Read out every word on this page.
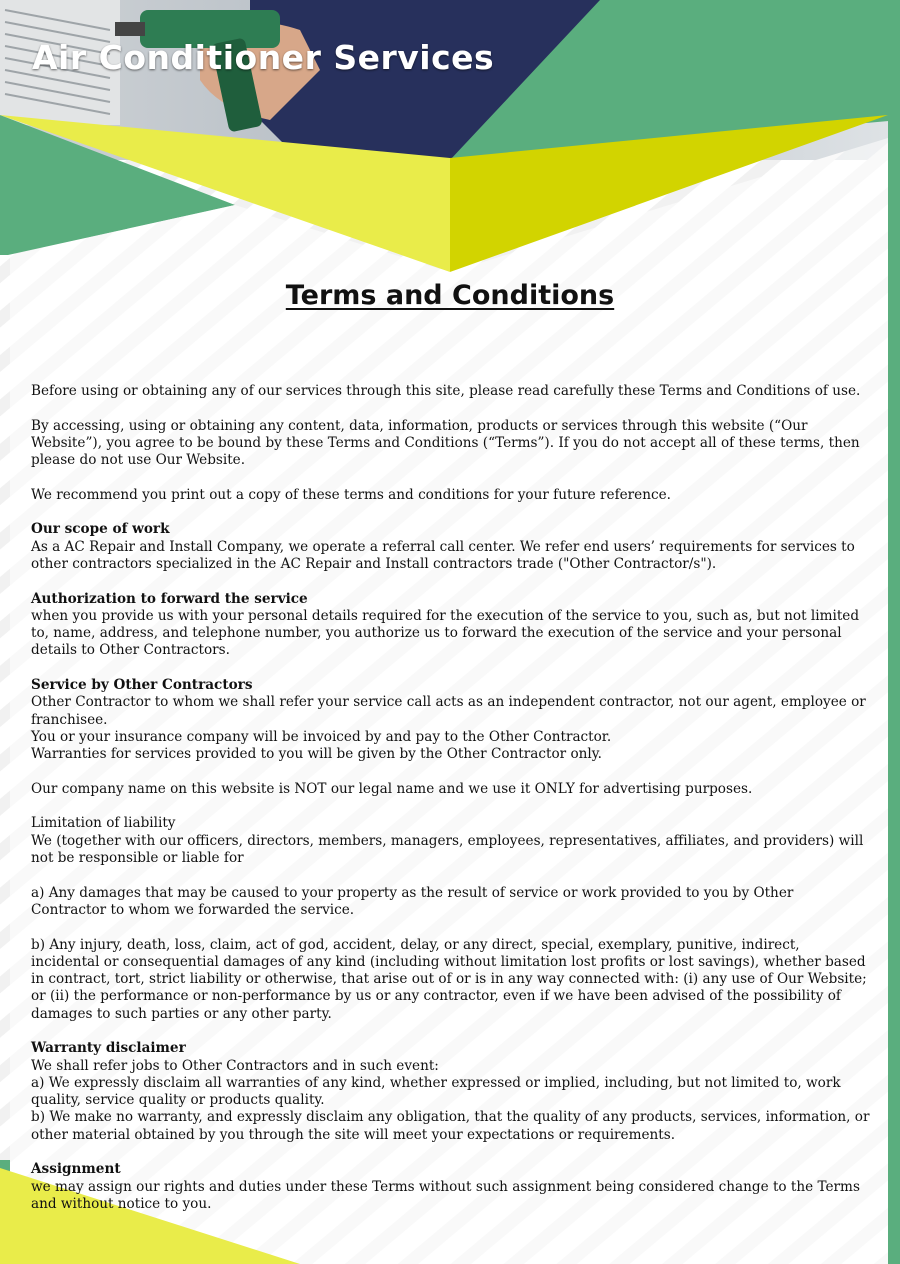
Air Conditioner Services
Terms and Conditions

Before using or obtaining any of our services through this site, please read carefully these Terms and Conditions of use.

By accessing, using or obtaining any content, data, information, products or services through this website (“Our Website”), you agree to be bound by these Terms and Conditions (“Terms”). If you do not accept all of these terms, then please do not use Our Website.

We recommend you print out a copy of these terms and conditions for your future reference.

Our scope of work
As a AC Repair and Install Company, we operate a referral call center. We refer end users’ requirements for services to other contractors specialized in the AC Repair and Install contractors trade ("Other Contractor/s").

Authorization to forward the service
when you provide us with your personal details required for the execution of the service to you, such as, but not limited to, name, address, and telephone number, you authorize us to forward the execution of the service and your personal details to Other Contractors.

Service by Other Contractors
Other Contractor to whom we shall refer your service call acts as an independent contractor, not our agent, employee or franchisee.
You or your insurance company will be invoiced by and pay to the Other Contractor.
Warranties for services provided to you will be given by the Other Contractor only.

Our company name on this website is NOT our legal name and we use it ONLY for advertising purposes.

Limitation of liability
We (together with our officers, directors, members, managers, employees, representatives, affiliates, and providers) will not be responsible or liable for

a) Any damages that may be caused to your property as the result of service or work provided to you by Other Contractor to whom we forwarded the service.

b) Any injury, death, loss, claim, act of god, accident, delay, or any direct, special, exemplary, punitive, indirect, incidental or consequential damages of any kind (including without limitation lost profits or lost savings), whether based in contract, tort, strict liability or otherwise, that arise out of or is in any way connected with: (i) any use of Our Website; or (ii) the performance or non-performance by us or any contractor, even if we have been advised of the possibility of damages to such parties or any other party.

Warranty disclaimer
We shall refer jobs to Other Contractors and in such event:
a) We expressly disclaim all warranties of any kind, whether expressed or implied, including, but not limited to, work quality, service quality or products quality.
b) We make no warranty, and expressly disclaim any obligation, that the quality of any products, services, information, or other material obtained by you through the site will meet your expectations or requirements.

Assignment
we may assign our rights and duties under these Terms without such assignment being considered change to the Terms and without notice to you.
